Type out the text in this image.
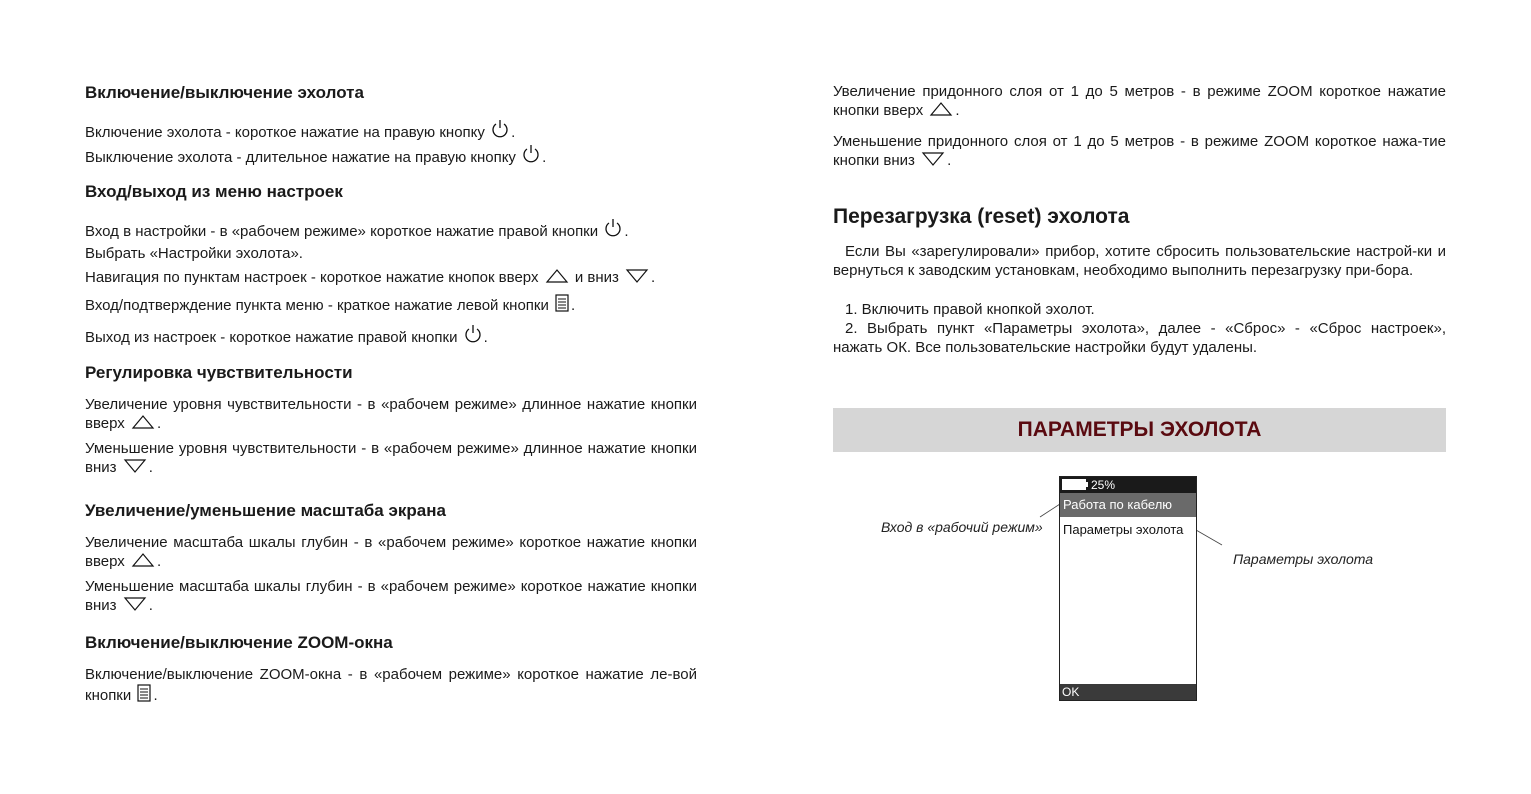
Включение/выключение эхолота
Включение эхолота - короткое нажатие на правую кнопку .
Выключение эхолота - длительное нажатие на правую кнопку .
Вход/выход из меню настроек
Вход в настройки - в «рабочем режиме» короткое нажатие правой кнопки .
Выбрать «Настройки эхолота».
Навигация по пунктам настроек - короткое нажатие кнопок вверх и вниз .
Вход/подтверждение пункта меню - краткое нажатие левой кнопки .
Выход из настроек - короткое нажатие правой кнопки .
Регулировка чувствительности
Увеличение уровня чувствительности - в «рабочем режиме» длинное нажатие кнопки вверх .
Уменьшение уровня чувствительности - в «рабочем режиме» длинное нажатие кнопки вниз .
Увеличение/уменьшение масштаба экрана
Увеличение масштаба шкалы глубин - в «рабочем режиме» короткое нажатие кнопки вверх .
Уменьшение масштаба шкалы глубин - в «рабочем режиме» короткое нажатие кнопки вниз .
Включение/выключение ZOOM-окна
Включение/выключение ZOOM-окна - в «рабочем режиме» короткое нажатие ле-вой кнопки .
Увеличение придонного слоя от 1 до 5 метров - в режиме ZOOM короткое нажатие кнопки вверх .
Уменьшение придонного слоя от 1 до 5 метров - в режиме ZOOM короткое нажа-тие кнопки вниз .
Перезагрузка (reset) эхолота
Если Вы «зарегулировали» прибор, хотите сбросить пользовательские настрой-ки и вернуться к заводским установкам, необходимо выполнить перезагрузку при-бора.
1. Включить правой кнопкой эхолот.
2. Выбрать пункт «Параметры эхолота», далее - «Сброс» - «Сброс настроек», нажать ОК. Все пользовательские настройки будут удалены.
ПАРАМЕТРЫ ЭХОЛОТА
25%
Работа по кабелю
Параметры эхолота
OK
Вход в «рабочий режим»
Параметры эхолота
